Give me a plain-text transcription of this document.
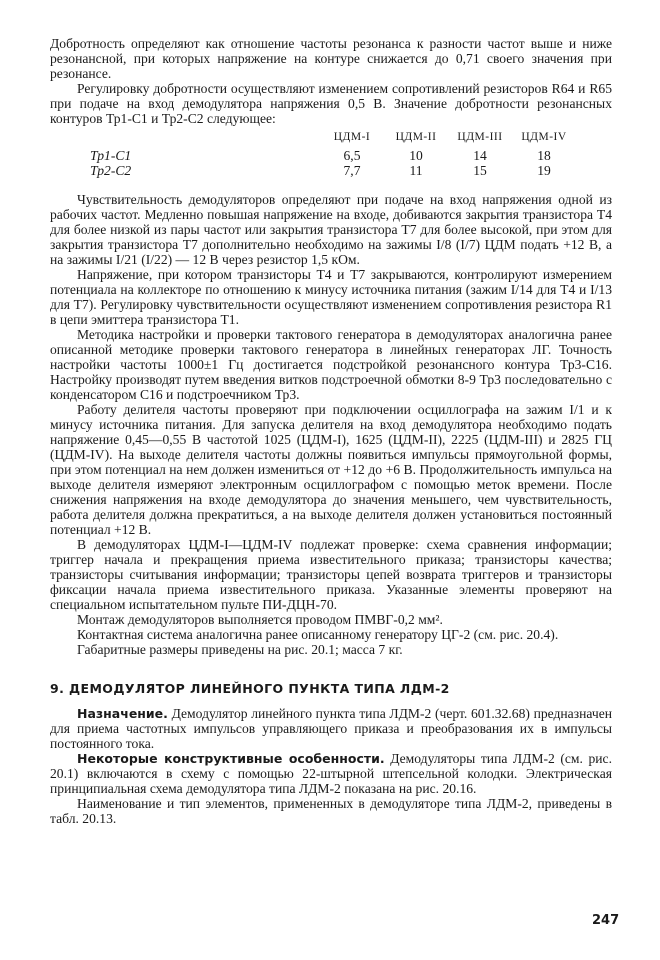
Добротность определяют как отношение частоты резонанса к разности частот выше и ниже резонансной, при которых напряжение на контуре снижается до 0,71 своего значения при резонансе.

Регулировку добротности осуществляют изменением сопротивлений резисторов R64 и R65 при подаче на вход демодулятора напряжения 0,5 В. Значение добротности резонансных контуров Тр1-С1 и Тр2-С2 следующее:

	ЦДМ-I	ЦДМ-II	ЦДМ-III	ЦДМ-IV
Тр1-С1	6,5	10	14	18
Тр2-С2	7,7	11	15	19

Чувствительность демодуляторов определяют при подаче на вход напряжения одной из рабочих частот. Медленно повышая напряжение на входе, добиваются закрытия транзистора Т4 для более низкой из пары частот или закрытия транзистора Т7 для более высокой, при этом для закрытия транзистора Т7 дополнительно необходимо на зажимы I/8 (I/7) ЦДМ подать +12 В, а на зажимы I/21 (I/22) — 12 В через резистор 1,5 кОм.

Напряжение, при котором транзисторы Т4 и Т7 закрываются, контролируют измерением потенциала на коллекторе по отношению к минусу источника питания (зажим I/14 для Т4 и I/13 для Т7). Регулировку чувствительности осуществляют изменением сопротивления резистора R1 в цепи эмиттера транзистора Т1.

Методика настройки и проверки тактового генератора в демодуляторах аналогична ранее описанной методике проверки тактового генератора в линейных генераторах ЛГ. Точность настройки частоты 1000±1 Гц достигается подстройкой резонансного контура Тр3-С16. Настройку производят путем введения витков подстроечной обмотки 8-9 Тр3 последовательно с конденсатором С16 и подстроечником Тр3.

Работу делителя частоты проверяют при подключении осциллографа на зажим I/1 и к минусу источника питания. Для запуска делителя на вход демодулятора необходимо подать напряжение 0,45—0,55 В частотой 1025 (ЦДМ-I), 1625 (ЦДМ-II), 2225 (ЦДМ-III) и 2825 ГЦ (ЦДМ-IV). На выходе делителя частоты должны появиться импульсы прямоугольной формы, при этом потенциал на нем должен измениться от +12 до +6 В. Продолжительность импульса на выходе делителя измеряют электронным осциллографом с помощью меток времени. После снижения напряжения на входе демодулятора до значения меньшего, чем чувствительность, работа делителя должна прекратиться, а на выходе делителя должен установиться постоянный потенциал +12 В.

В демодуляторах ЦДМ-I—ЦДМ-IV подлежат проверке: схема сравнения информации; триггер начала и прекращения приема известительного приказа; транзисторы качества; транзисторы считывания информации; транзисторы цепей возврата триггеров и транзисторы фиксации начала приема известительного приказа. Указанные элементы проверяют на специальном испытательном пульте ПИ-ДЦН-70.

Монтаж демодуляторов выполняется проводом ПМВГ-0,2 мм².

Контактная система аналогична ранее описанному генератору ЦГ-2 (см. рис. 20.4).

Габаритные размеры приведены на рис. 20.1; масса 7 кг.

9. ДЕМОДУЛЯТОР ЛИНЕЙНОГО ПУНКТА ТИПА ЛДМ-2

Назначение. Демодулятор линейного пункта типа ЛДМ-2 (черт. 601.32.68) предназначен для приема частотных импульсов управляющего приказа и преобразования их в импульсы постоянного тока.

Некоторые конструктивные особенности. Демодуляторы типа ЛДМ-2 (см. рис. 20.1) включаются в схему с помощью 22-штырной штепсельной колодки. Электрическая принципиальная схема демодулятора типа ЛДМ-2 показана на рис. 20.16.

Наименование и тип элементов, примененных в демодуляторе типа ЛДМ-2, приведены в табл. 20.13.

247
